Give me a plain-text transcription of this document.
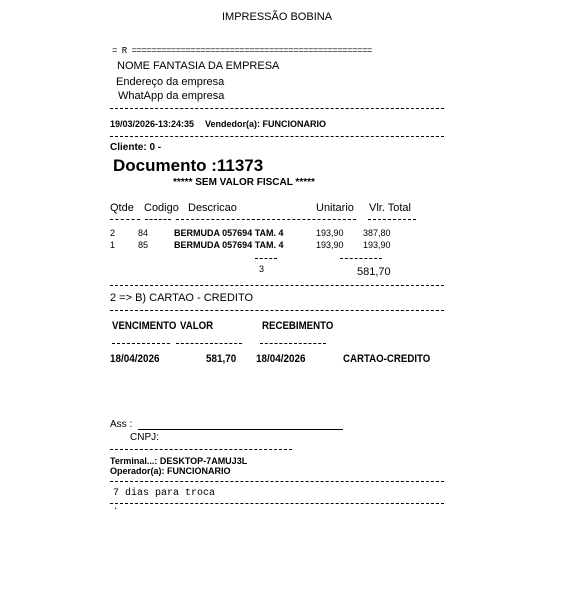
IMPRESSÃO BOBINA
= R =================================================
NOME FANTASIA DA EMPRESA
Endereço da empresa
WhatApp da empresa
19/03/2026-13:24:35 Vendedor(a): FUNCIONARIO
Cliente: 0 -
Documento :11373
***** SEM VALOR FISCAL *****
Qtde Codigo Descricao	Unitario Vlr. Total
2	84	BERMUDA 057694 TAM. 4	193,90 387,80
1	85	BERMUDA 057694 TAM. 4	193,90 193,90
3	581,70
2 => B) CARTAO - CREDITO
VENCIMENTO VALOR	RECEBIMENTO
18/04/2026	581,70 18/04/2026	CARTAO-CREDITO
Ass :
CNPJ:
Terminal...: DESKTOP-7AMUJ3L
Operador(a): FUNCIONARIO
7 dias para troca
.
